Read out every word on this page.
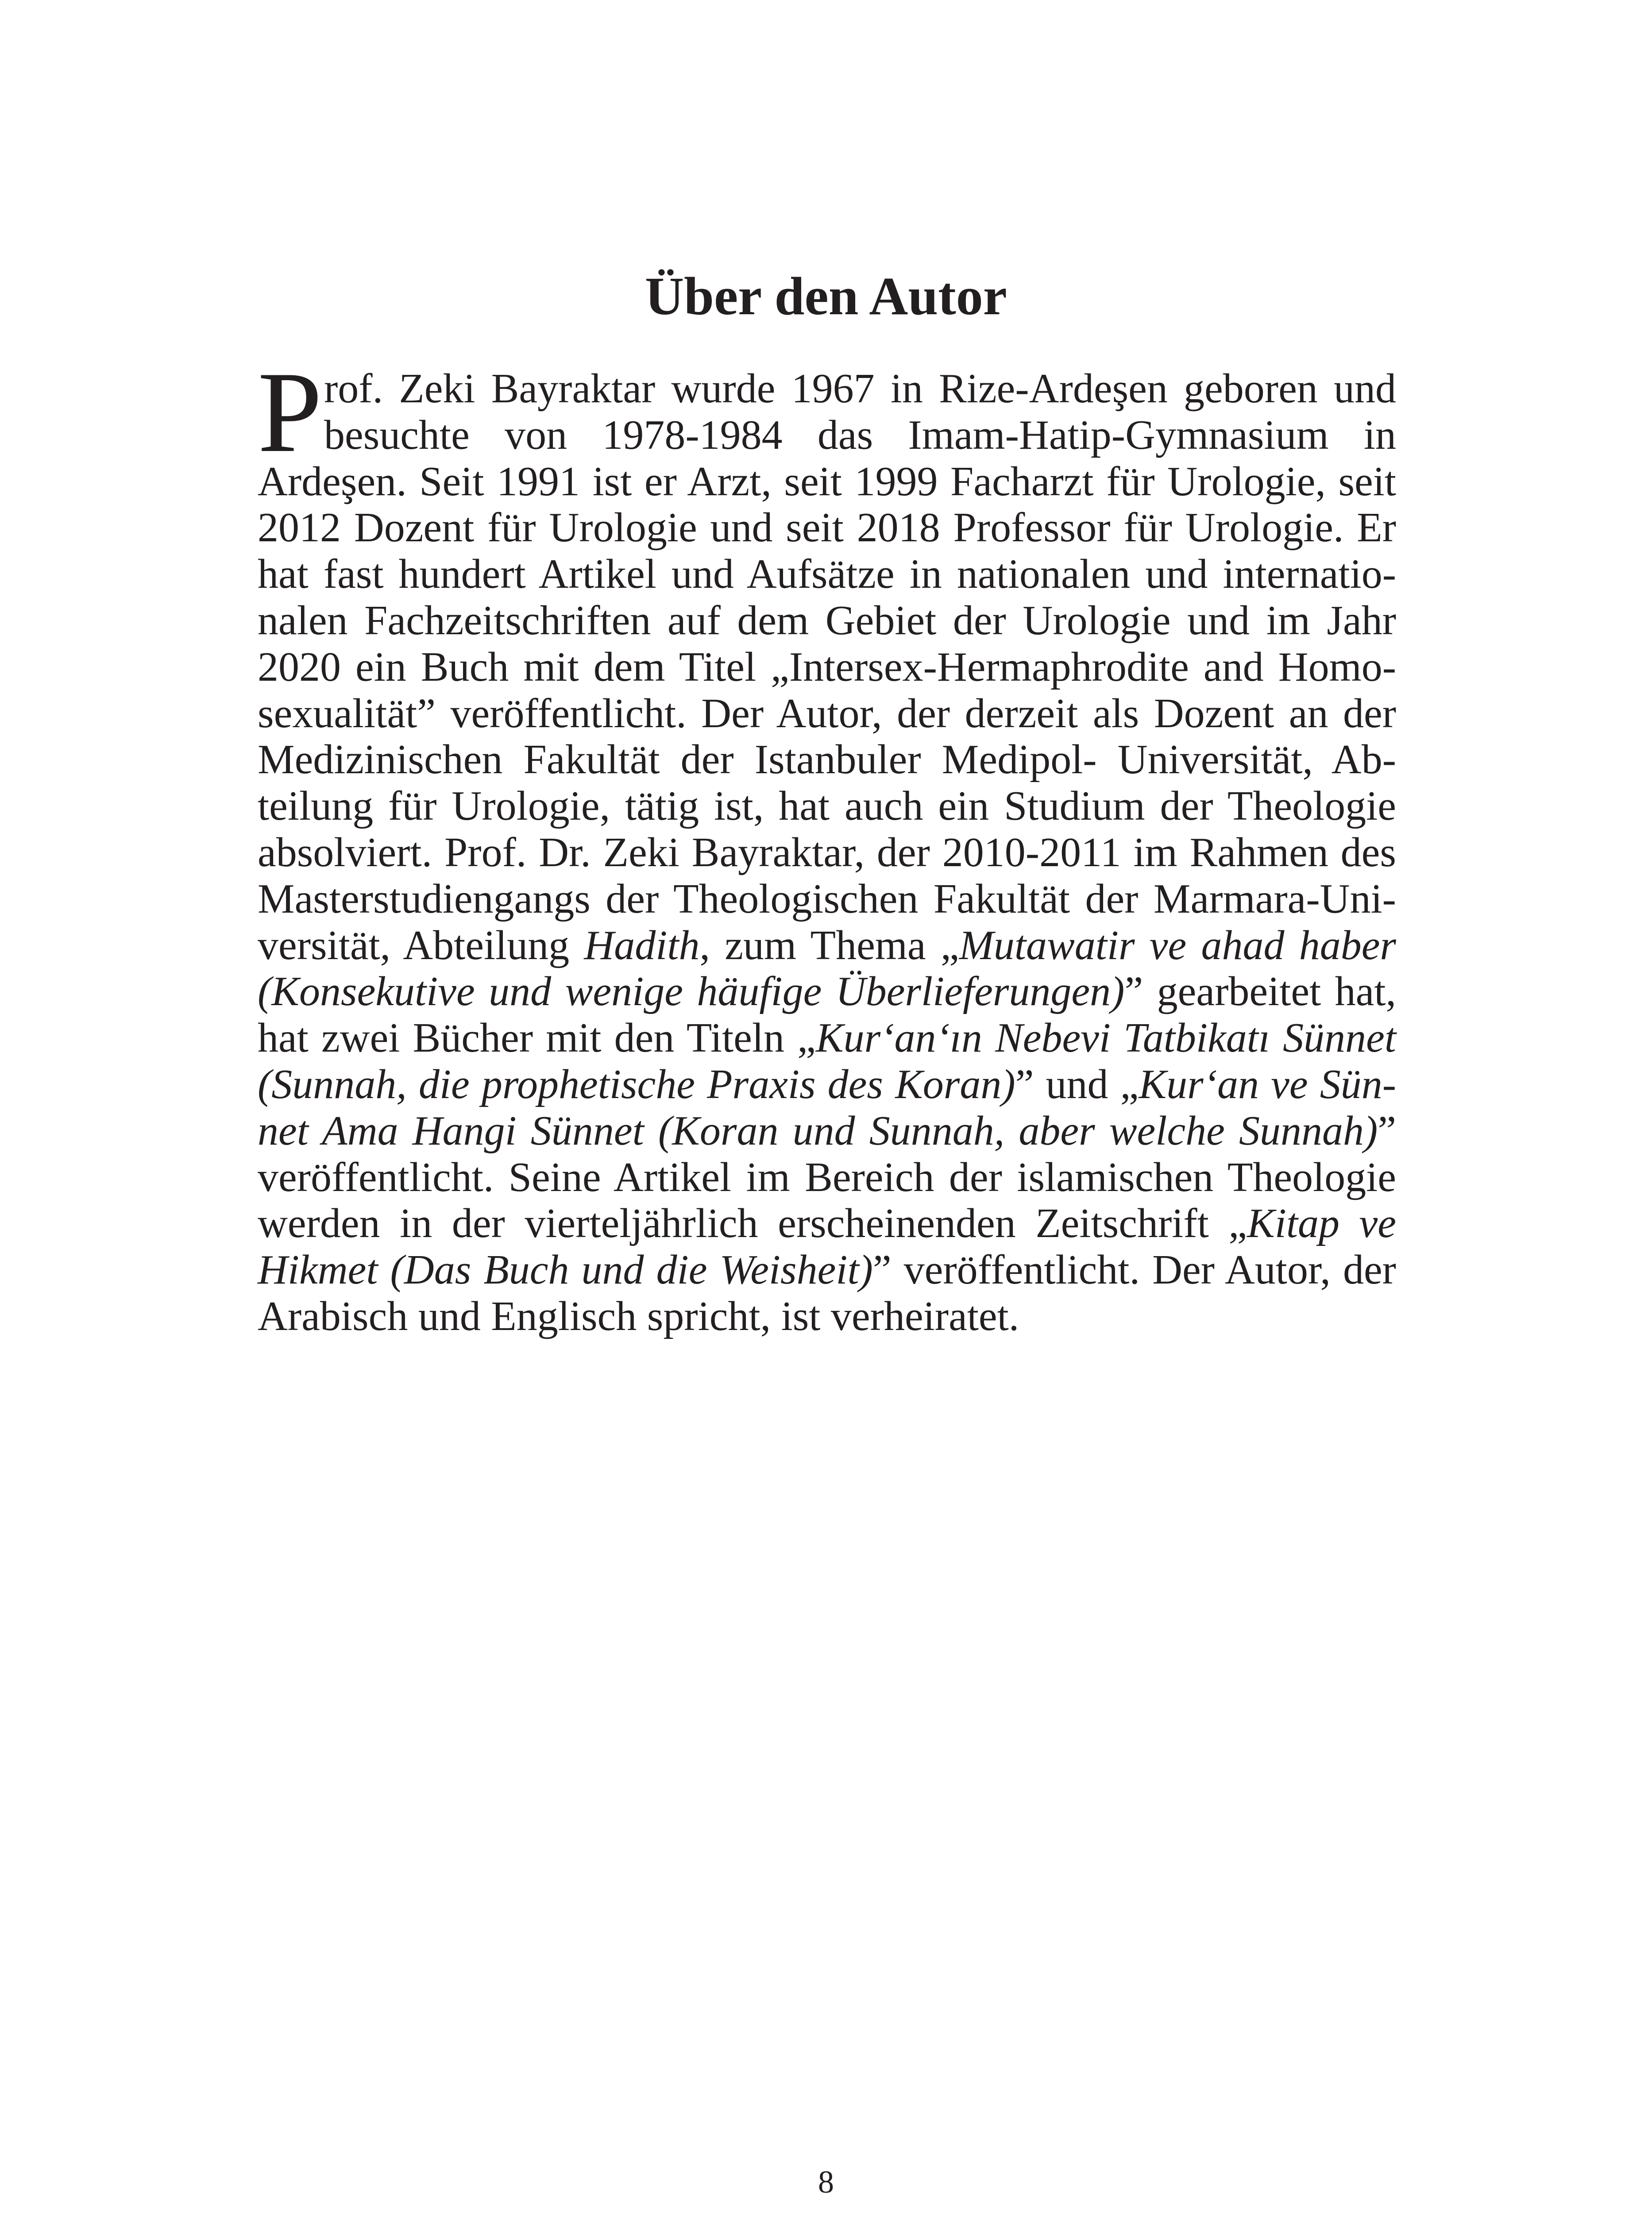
Über den Autor
P rof. Zeki Bayraktar wurde 1967 in Rize-Ardeşen geboren und
besuchte von 1978-1984 das Imam-Hatip-Gymnasium in
Ardeşen. Seit 1991 ist er Arzt, seit 1999 Facharzt für Urologie, seit
2012 Dozent für Urologie und seit 2018 Professor für Urologie. Er
hat fast hundert Artikel und Aufsätze in nationalen und internatio-
nalen Fachzeitschriften auf dem Gebiet der Urologie und im Jahr
2020 ein Buch mit dem Titel „Intersex-Hermaphrodite and Homo-
sexualität” veröffentlicht. Der Autor, der derzeit als Dozent an der
Medizinischen Fakultät der Istanbuler Medipol- Universität, Ab-
teilung für Urologie, tätig ist, hat auch ein Studium der Theologie
absolviert. Prof. Dr. Zeki Bayraktar, der 2010-2011 im Rahmen des
Masterstudiengangs der Theologischen Fakultät der Marmara-Uni-
versität, Abteilung Hadith, zum Thema „Mutawatir ve ahad haber
(Konsekutive und wenige häufige Überlieferungen)” gearbeitet hat,
hat zwei Bücher mit den Titeln „Kur‘an‘ın Nebevi Tatbikatı Sünnet
(Sunnah, die prophetische Praxis des Koran)” und „Kur‘an ve Sün-
net Ama Hangi Sünnet (Koran und Sunnah, aber welche Sunnah)”
veröffentlicht. Seine Artikel im Bereich der islamischen Theologie
werden in der vierteljährlich erscheinenden Zeitschrift „Kitap ve
Hikmet (Das Buch und die Weisheit)” veröffentlicht. Der Autor, der
Arabisch und Englisch spricht, ist verheiratet.
8
